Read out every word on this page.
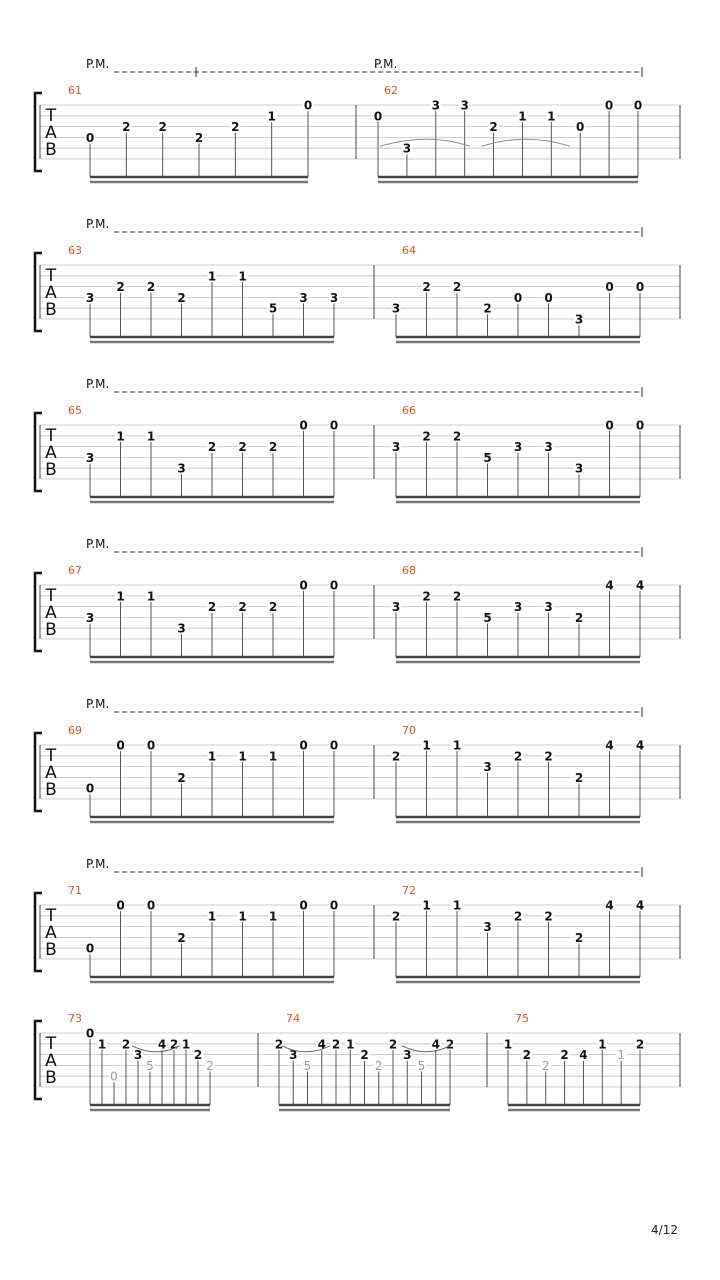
4/12
T
A
B
P.M.	P.M.
61
0
2 2
2
2
1
0
62
0
3
3 3
2
1 1
0
0 0
T
A
B
P.M.
63
3
2 2
2
1 1
5
3 3
64
3
2 2
2
0 0
3
0 0
T
A
B
P.M.
65
3
1 1
3
2 2 2
0 0
66
3
2 2
5
3 3
3
0 0
T
A
B
P.M.
67
3
1 1
3
2 2 2
0 0
68
3
2 2
5
3 3
2
4 4
T
A
B
P.M.
69
0
0 0
2
1 1 1
0 0
70
2
1 1
3
2 2
2
4 4
T
A
B
P.M.
71
0
0 0
2
1 1 1
0 0
72
2
1 1
3
2 2
2
4 4
T
A
B
73
0
1
0
2
3
5
4 2 1
2
2
74
2
3
5
4 2 1
2
2
2
3
5
4 2
75
1
2
2
2 4
1
1
2
